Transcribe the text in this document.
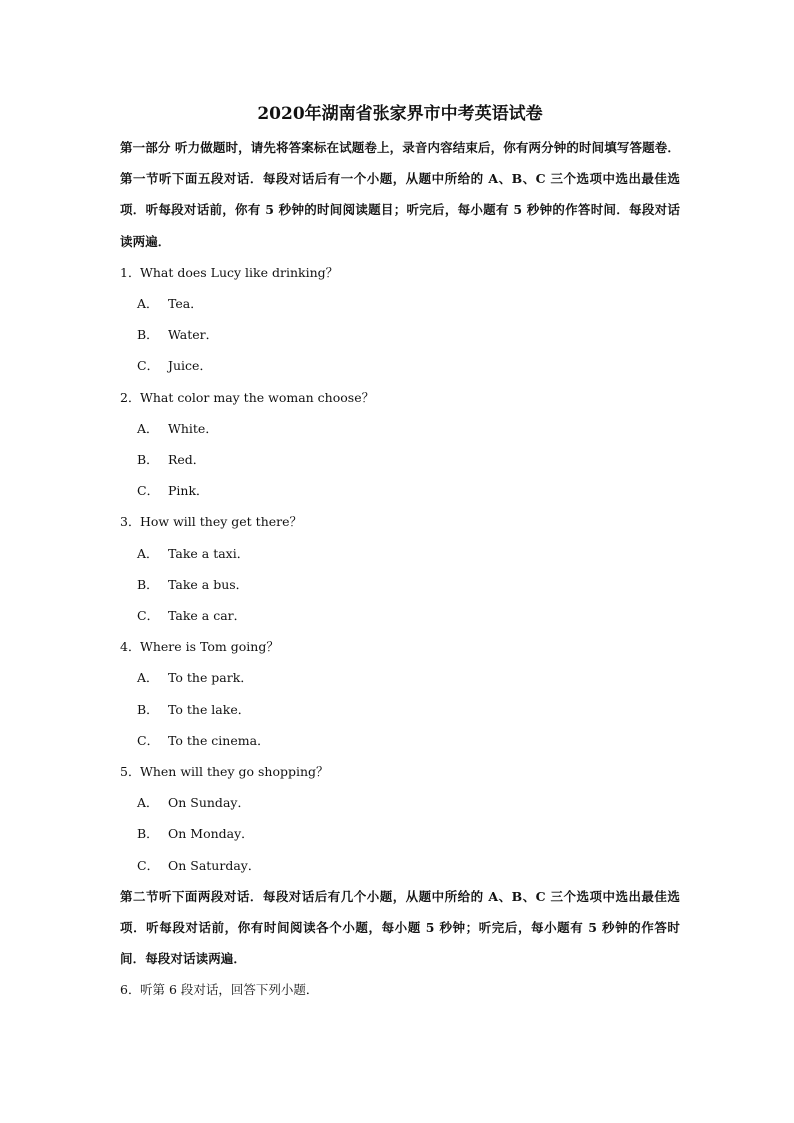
2020年湖南省张家界市中考英语试卷

第一部分 听力做题时，请先将答案标在试题卷上，录音内容结束后，你有两分钟的时间填写答题卷．第一节听下面五段对话．每段对话后有一个小题，从题中所给的 A、B、C 三个选项中选出最佳选项．听每段对话前，你有 5 秒钟的时间阅读题目；听完后，每小题有 5 秒钟的作答时间．每段对话读两遍．

1．What does Lucy like drinking？

A． Tea．
B． Water．
C． Juice．

2．What color may the woman choose？

A． White．
B． Red．
C． Pink．

3．How will they get there？

A． Take a taxi．
B． Take a bus．
C． Take a car．

4．Where is Tom going？

A． To the park．
B． To the lake．
C． To the cinema．

5．When will they go shopping？

A． On Sunday．
B． On Monday．
C． On Saturday．

第二节听下面两段对话．每段对话后有几个小题，从题中所给的 A、B、C 三个选项中选出最佳选项．听每段对话前，你有时间阅读各个小题，每小题 5 秒钟；听完后，每小题有 5 秒钟的作答时间．每段对话读两遍．

6．听第 6 段对话，回答下列小题．
